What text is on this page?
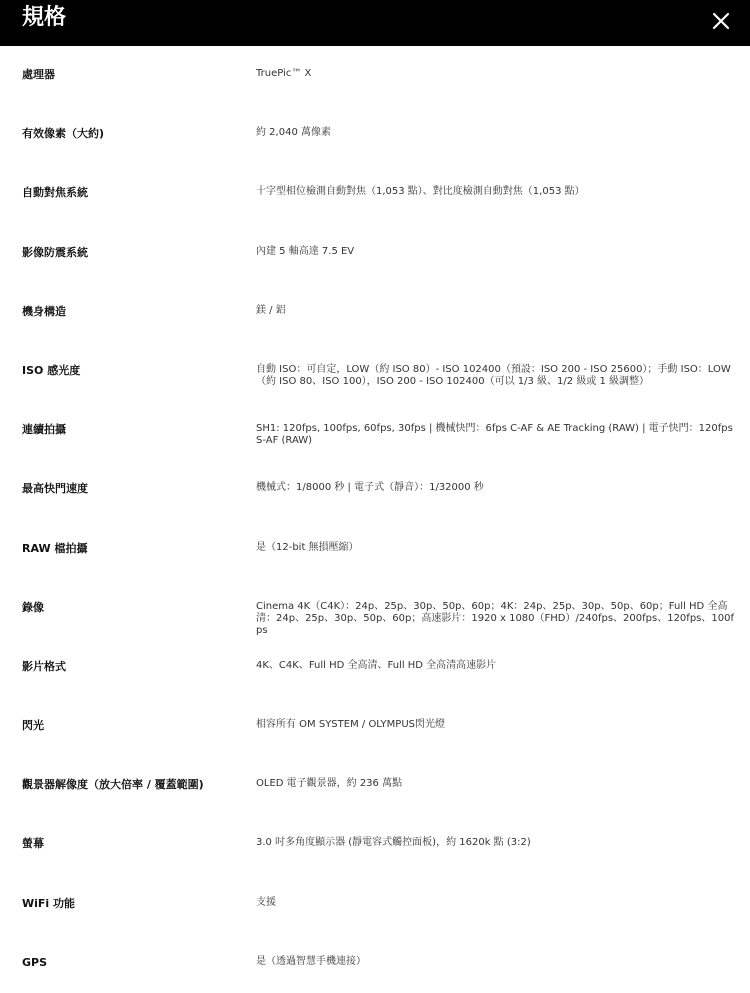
規格
處理器	TruePic™ X
有效像素（大約)	約 2,040 萬像素
自動對焦系統	十字型相位檢測自動對焦（1,053 點）、對比度檢測自動對焦（1,053 點）
影像防震系統	內建 5 軸高達 7.5 EV
機身構造	鎂 / 鋁
ISO 感光度	自動 ISO：可自定，LOW（約 ISO 80）- ISO 102400（預設：ISO 200 - ISO 25600）；手動 ISO：LOW（約 ISO 80、ISO 100），ISO 200 - ISO 102400（可以 1/3 級、1/2 級或 1 級調整）
連續拍攝	SH1: 120fps, 100fps, 60fps, 30fps | 機械快門：6fps C-AF & AE Tracking (RAW) | 電子快門：120fps S-AF (RAW)
最高快門速度	機械式：1/8000 秒 | 電子式（靜音）：1/32000 秒
RAW 檔拍攝	是（12-bit 無損壓縮）
錄像	Cinema 4K（C4K）：24p、25p、30p、50p、60p；4K：24p、25p、30p、50p、60p；Full HD 全高清：24p、25p、30p、50p、60p；高速影片：1920 x 1080（FHD）/240fps、200fps、120fps、100fps
影片格式	4K、C4K、Full HD 全高清、Full HD 全高清高速影片
閃光	相容所有 OM SYSTEM / OLYMPUS閃光燈
觀景器解像度（放大倍率 / 覆蓋範圍)	OLED 電子觀景器，約 236 萬點
螢幕	3.0 吋多角度顯示器 (靜電容式觸控面板)，約 1620k 點 (3:2)
WiFi 功能	支援
GPS	是（透過智慧手機連接）
